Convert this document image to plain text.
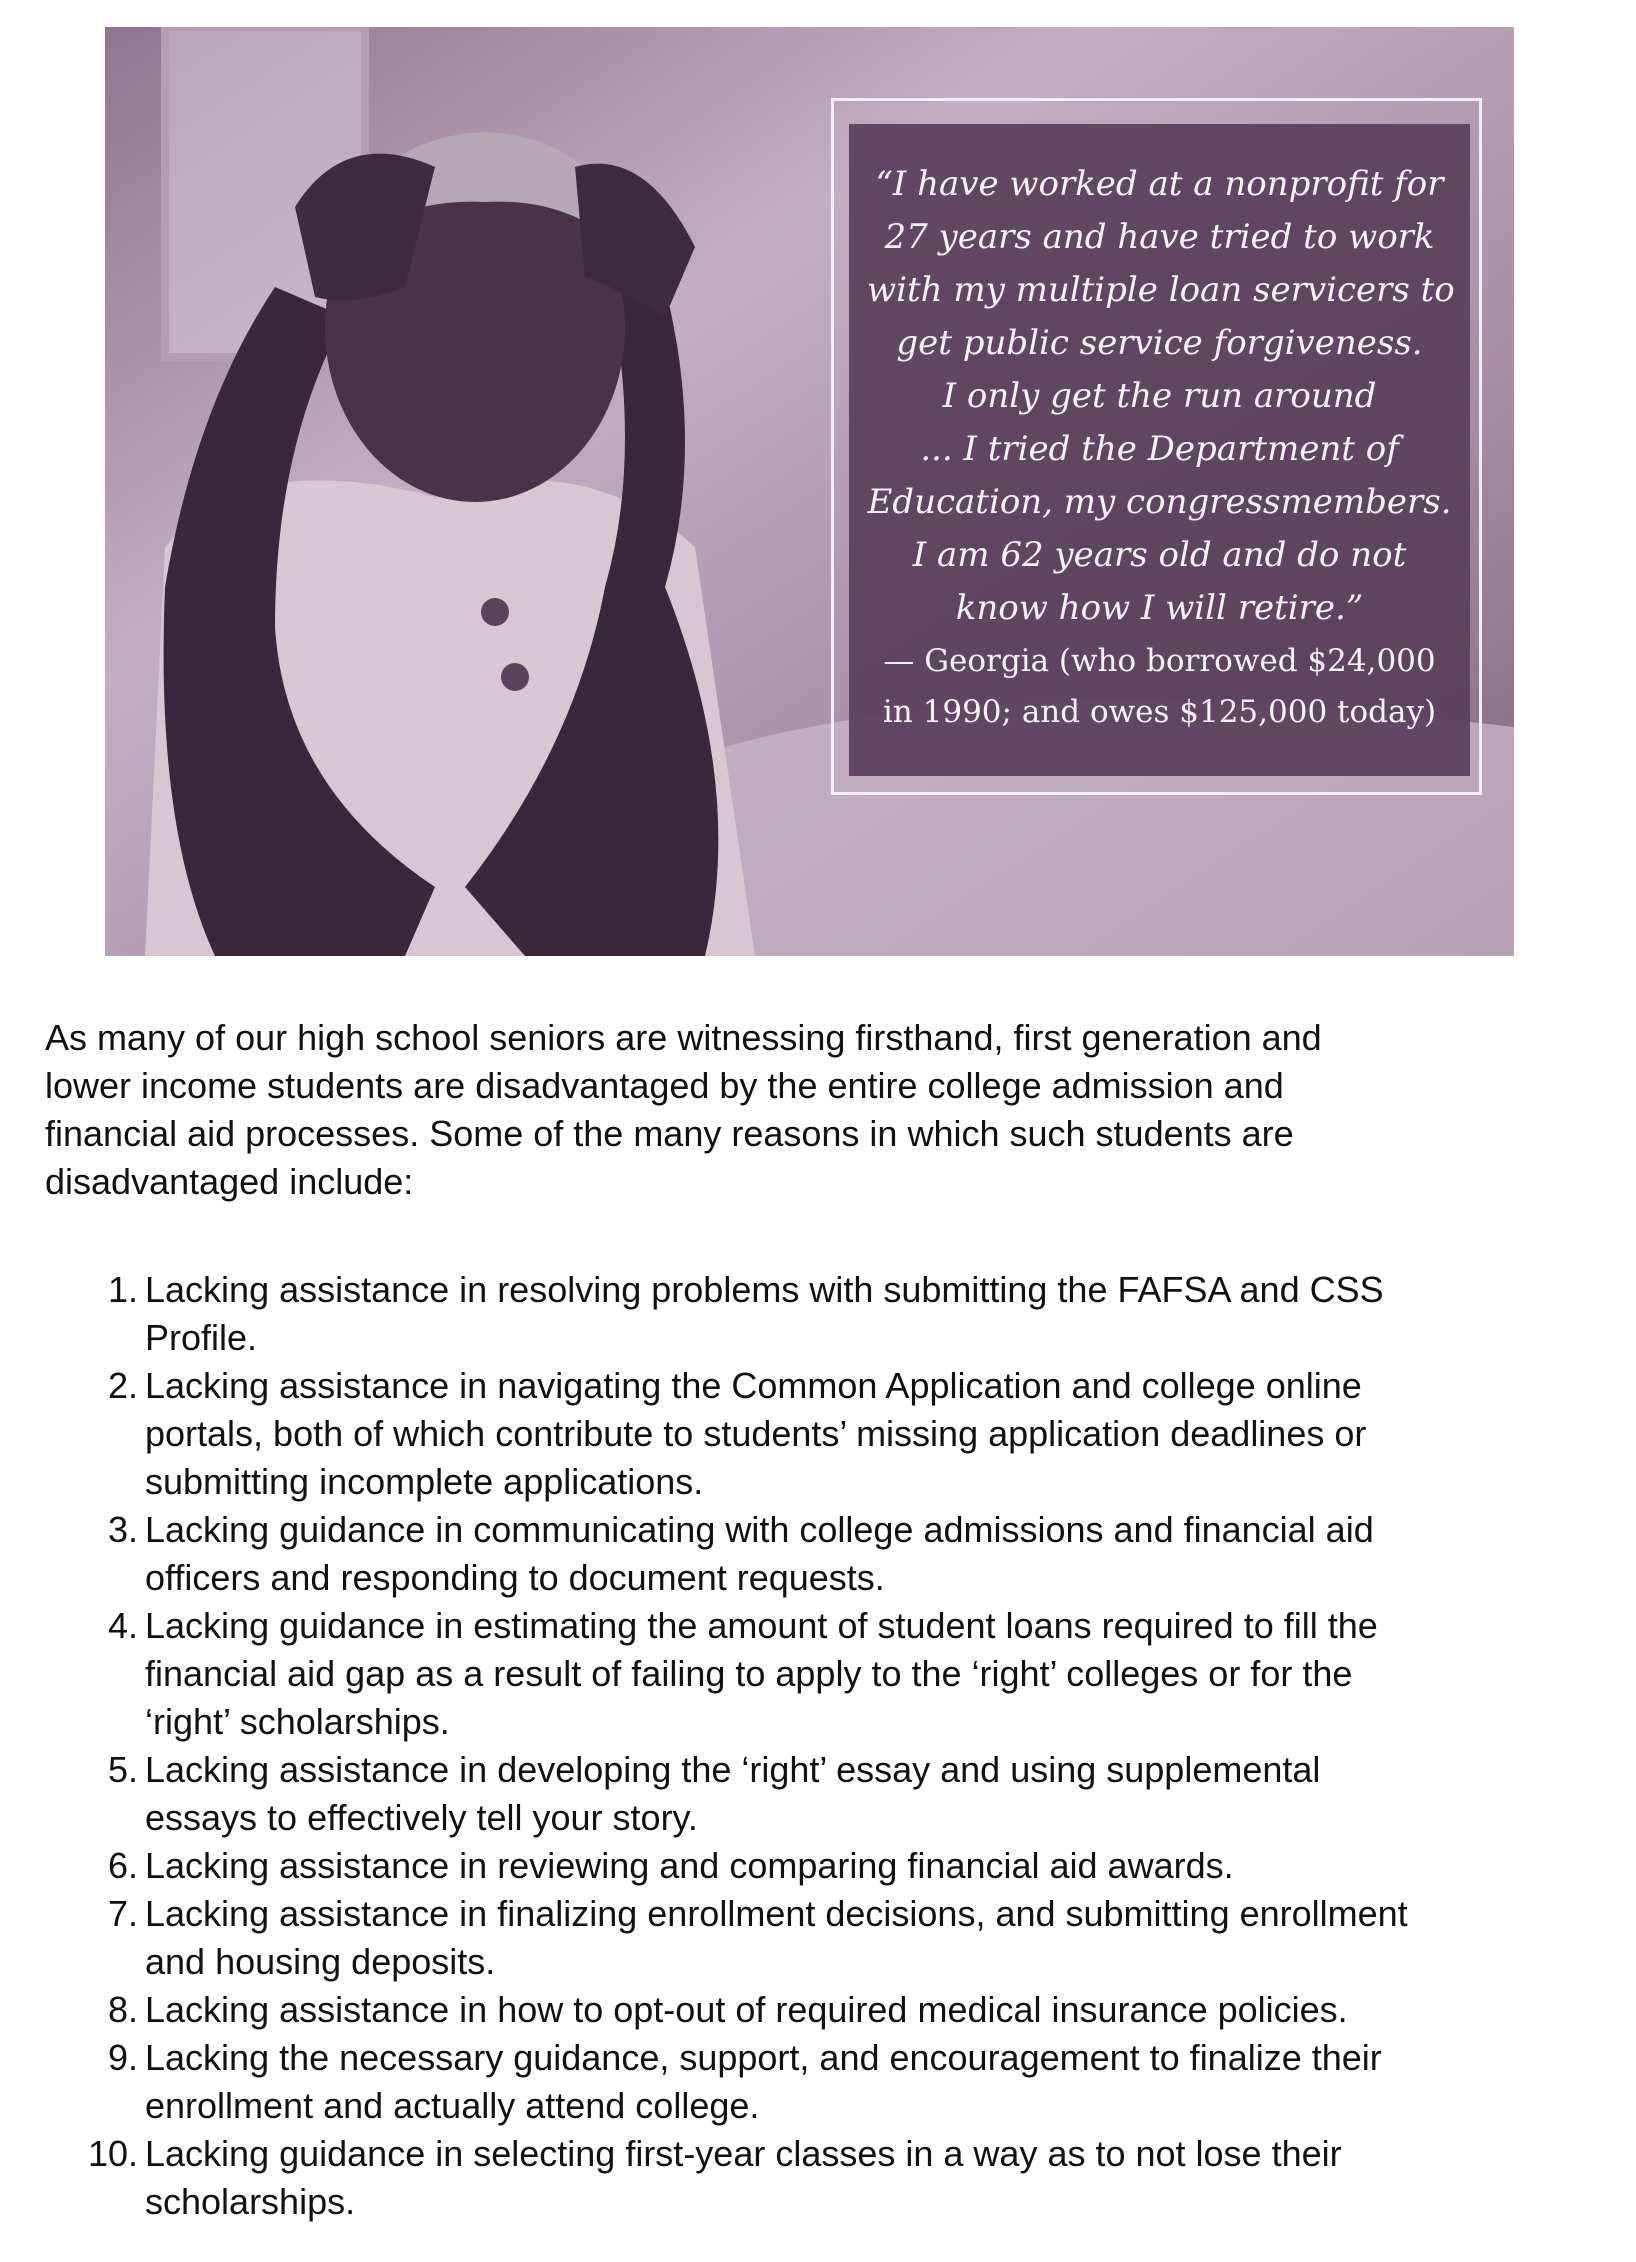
“I have worked at a nonprofit for
27 years and have tried to work
with my multiple loan servicers to
get public service forgiveness.
I only get the run around
... I tried the Department of
Education, my congressmembers.
I am 62 years old and do not
know how I will retire.”
— Georgia (who borrowed $24,000
in 1990; and owes $125,000 today)

As many of our high school seniors are witnessing firsthand, first generation and
lower income students are disadvantaged by the entire college admission and
financial aid processes. Some of the many reasons in which such students are
disadvantaged include:

1. Lacking assistance in resolving problems with submitting the FAFSA and CSS
Profile.
2. Lacking assistance in navigating the Common Application and college online
portals, both of which contribute to students’ missing application deadlines or
submitting incomplete applications.
3. Lacking guidance in communicating with college admissions and financial aid
officers and responding to document requests.
4. Lacking guidance in estimating the amount of student loans required to fill the
financial aid gap as a result of failing to apply to the ‘right’ colleges or for the
‘right’ scholarships.
5. Lacking assistance in developing the ‘right’ essay and using supplemental
essays to effectively tell your story.
6. Lacking assistance in reviewing and comparing financial aid awards.
7. Lacking assistance in finalizing enrollment decisions, and submitting enrollment
and housing deposits.
8. Lacking assistance in how to opt-out of required medical insurance policies.
9. Lacking the necessary guidance, support, and encouragement to finalize their
enrollment and actually attend college.
10. Lacking guidance in selecting first-year classes in a way as to not lose their
scholarships.
